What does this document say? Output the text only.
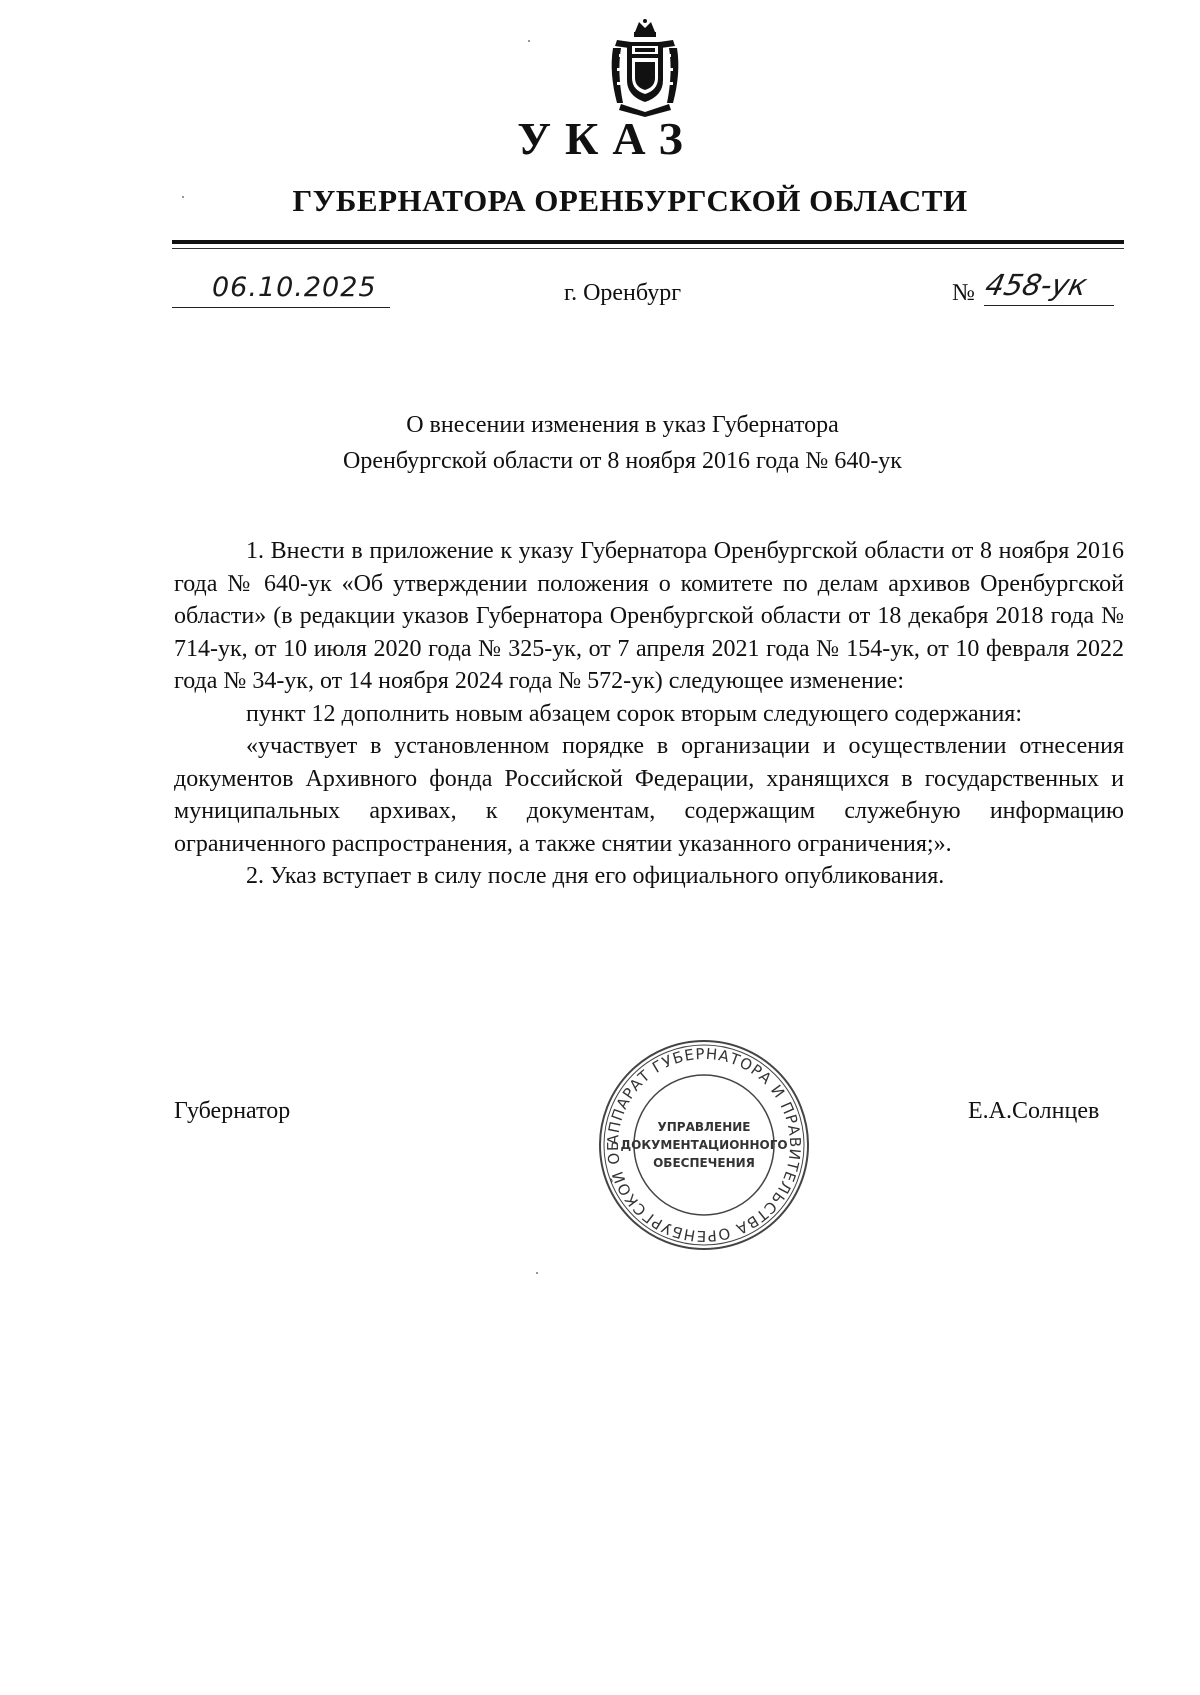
УКАЗ
ГУБЕРНАТОРА ОРЕНБУРГСКОЙ ОБЛАСТИ
06.10.2025	г. Оренбург	№ 458-ук
О внесении изменения в указ Губернатора
Оренбургской области от 8 ноября 2016 года № 640-ук

1. Внести в приложение к указу Губернатора Оренбургской области от 8 ноября 2016 года № 640-ук «Об утверждении положения о комитете по делам архивов Оренбургской области» (в редакции указов Губернатора Оренбургской области от 18 декабря 2018 года № 714-ук, от 10 июля 2020 года № 325-ук, от 7 апреля 2021 года № 154-ук, от 10 февраля 2022 года № 34-ук, от 14 ноября 2024 года № 572-ук) следующее изменение:

пункт 12 дополнить новым абзацем сорок вторым следующего содержания:

«участвует в установленном порядке в организации и осуществлении отнесения документов Архивного фонда Российской Федерации, хранящихся в государственных и муниципальных архивах, к документам, содержащим служебную информацию ограниченного распространения, а также снятии указанного ограничения;».

2. Указ вступает в силу после дня его официального опубликования.

Губернатор	Е.А.Солнцев
АППАРАТ ГУБЕРНАТОРА И ПРАВИТЕЛЬСТВА ОРЕНБУРГСКОЙ ОБ
УПРАВЛЕНИЕ
ДОКУМЕНТАЦИОННОГО
ОБЕСПЕЧЕНИЯ
